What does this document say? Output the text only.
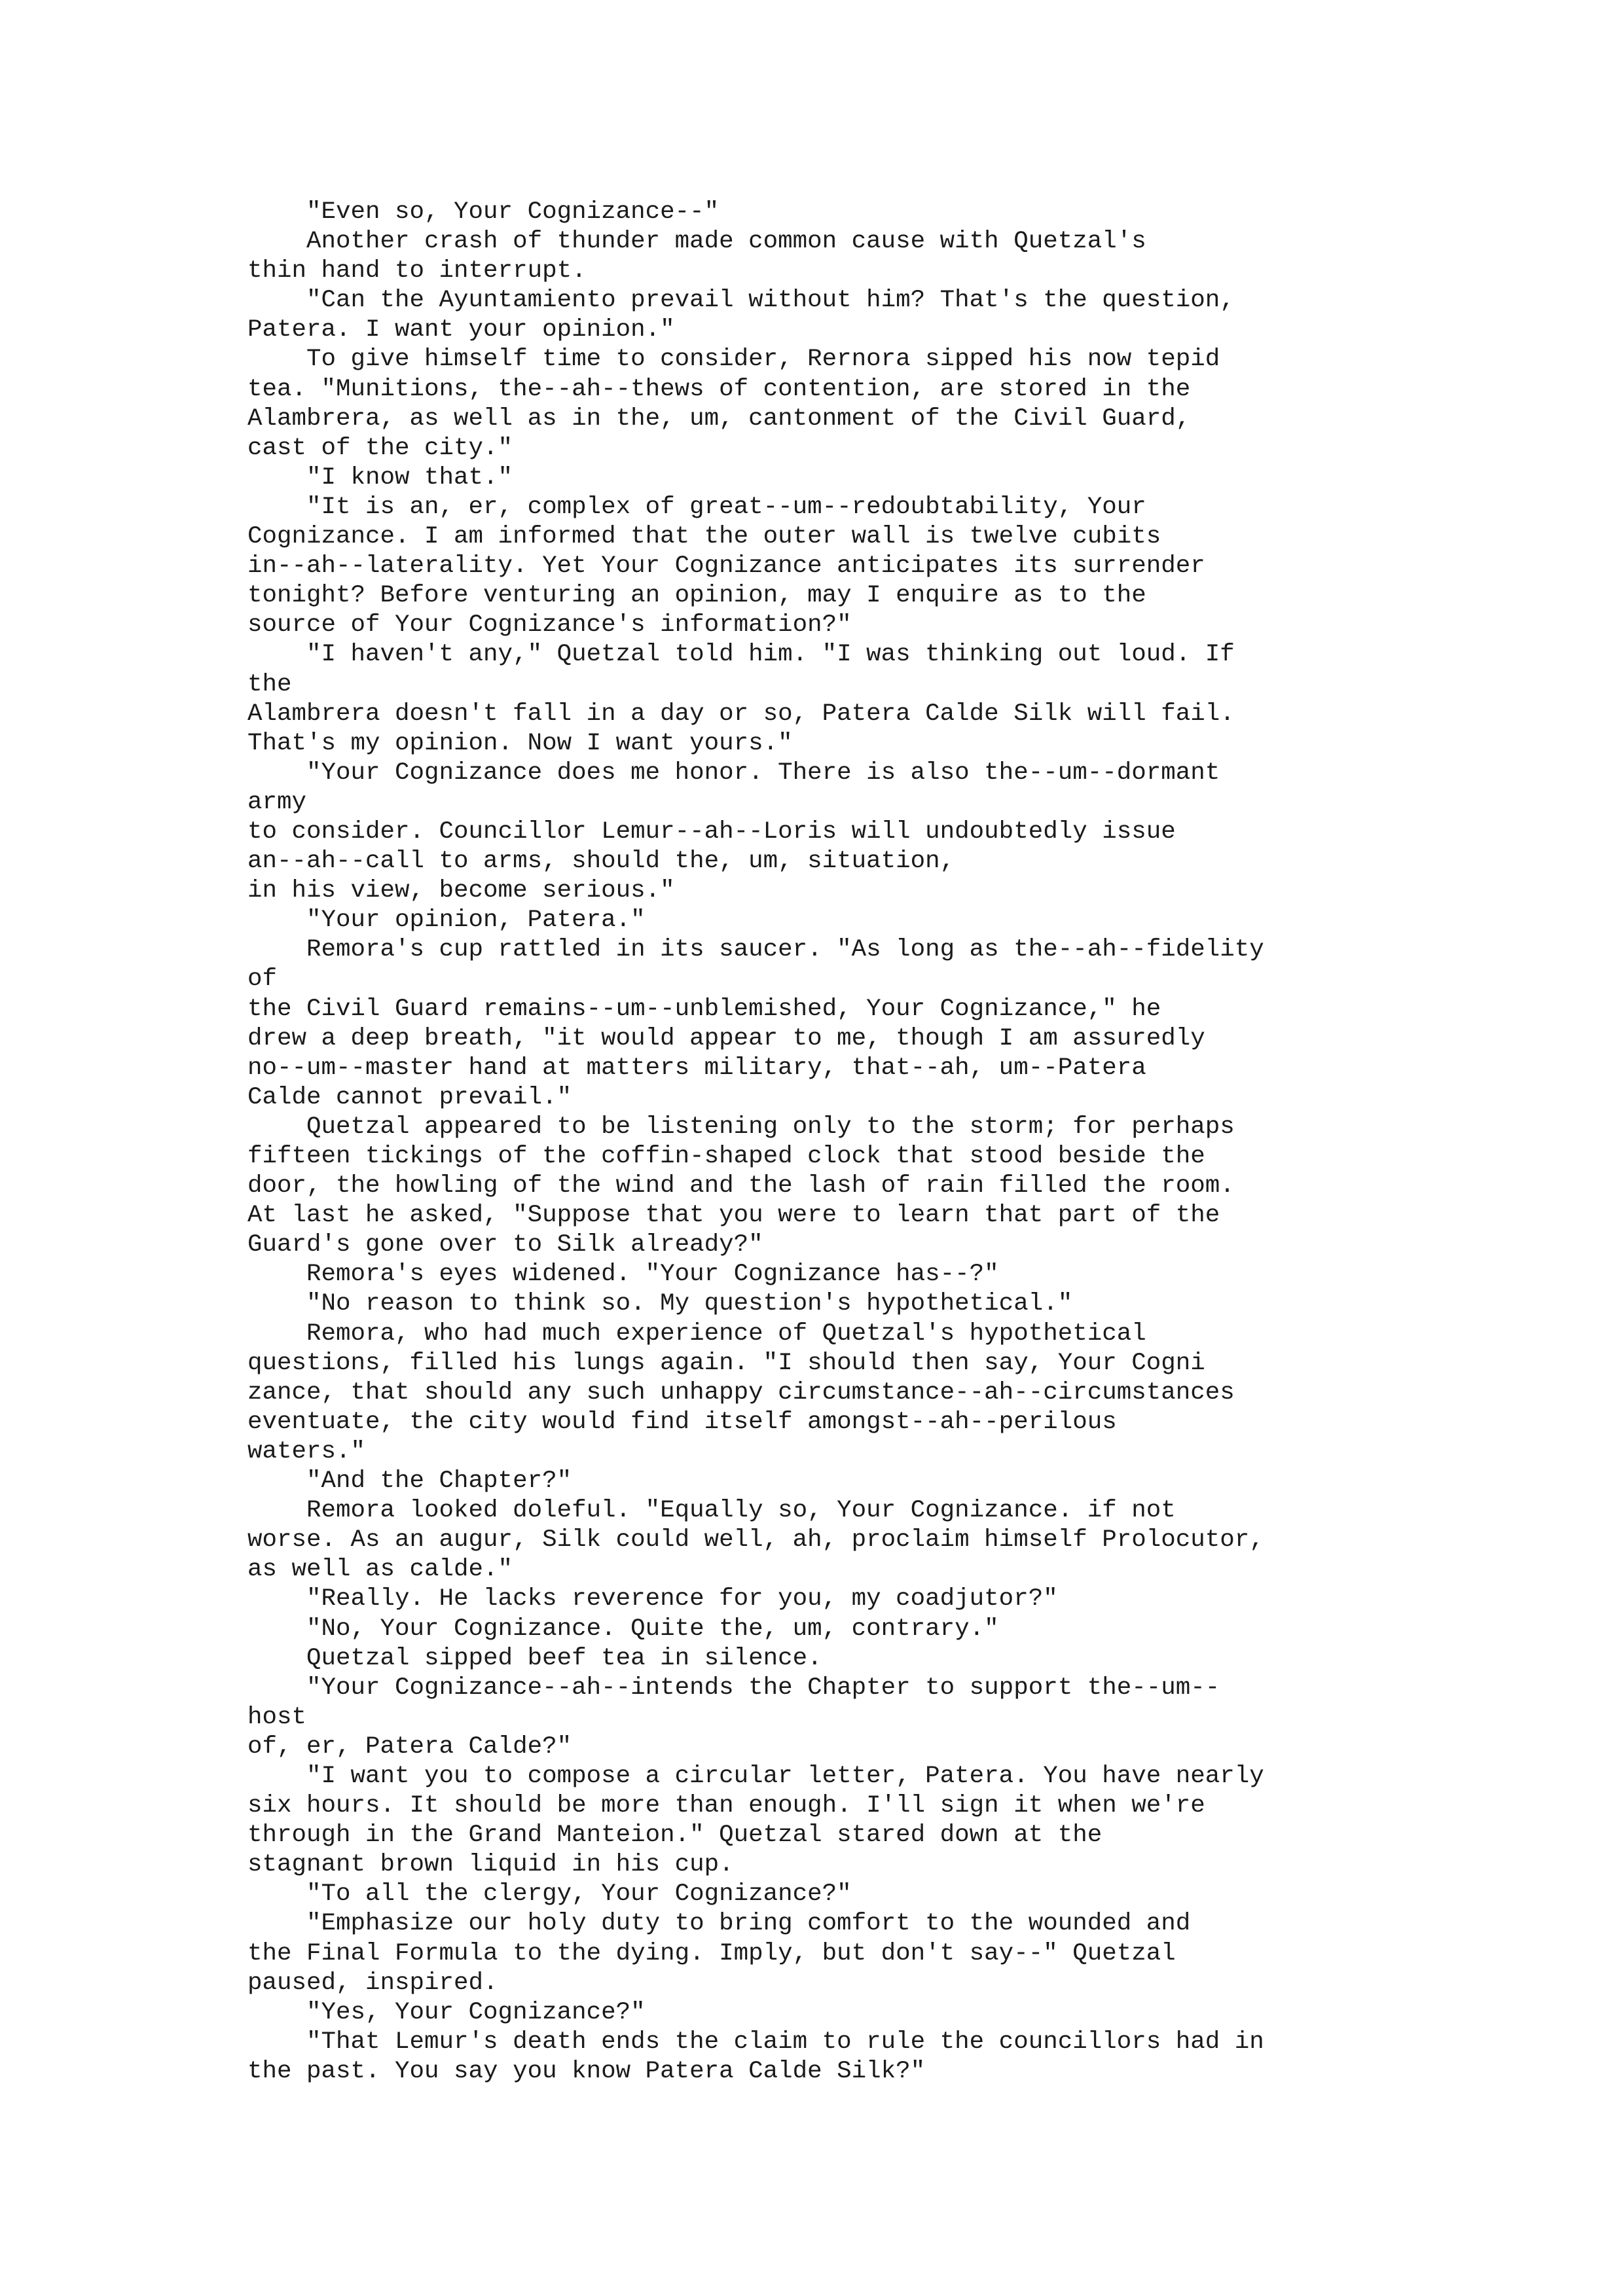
"Even so, Your Cognizance--"
Another crash of thunder made common cause with Quetzal's
thin hand to interrupt.
"Can the Ayuntamiento prevail without him? That's the question,
Patera. I want your opinion."
To give himself time to consider, Rernora sipped his now tepid
tea. "Munitions, the--ah--thews of contention, are stored in the
Alambrera, as well as in the, um, cantonment of the Civil Guard,
cast of the city."
"I know that."
"It is an, er, complex of great--um--redoubtability, Your
Cognizance. I am informed that the outer wall is twelve cubits
in--ah--laterality. Yet Your Cognizance anticipates its surrender
tonight? Before venturing an opinion, may I enquire as to the
source of Your Cognizance's information?"
"I haven't any," Quetzal told him. "I was thinking out loud. If
the
Alambrera doesn't fall in a day or so, Patera Calde Silk will fail.
That's my opinion. Now I want yours."
"Your Cognizance does me honor. There is also the--um--dormant
army
to consider. Councillor Lemur--ah--Loris will undoubtedly issue
an--ah--call to arms, should the, um, situation,
in his view, become serious."
"Your opinion, Patera."
Remora's cup rattled in its saucer. "As long as the--ah--fidelity
of
the Civil Guard remains--um--unblemished, Your Cognizance," he
drew a deep breath, "it would appear to me, though I am assuredly
no--um--master hand at matters military, that--ah, um--Patera
Calde cannot prevail."
Quetzal appeared to be listening only to the storm; for perhaps
fifteen tickings of the coffin-shaped clock that stood beside the
door, the howling of the wind and the lash of rain filled the room.
At last he asked, "Suppose that you were to learn that part of the
Guard's gone over to Silk already?"
Remora's eyes widened. "Your Cognizance has--?"
"No reason to think so. My question's hypothetical."
Remora, who had much experience of Quetzal's hypothetical
questions, filled his lungs again. "I should then say, Your Cogni
zance, that should any such unhappy circumstance--ah--circumstances
eventuate, the city would find itself amongst--ah--perilous
waters."
"And the Chapter?"
Remora looked doleful. "Equally so, Your Cognizance. if not
worse. As an augur, Silk could well, ah, proclaim himself Prolocutor,
as well as calde."
"Really. He lacks reverence for you, my coadjutor?"
"No, Your Cognizance. Quite the, um, contrary."
Quetzal sipped beef tea in silence.
"Your Cognizance--ah--intends the Chapter to support the--um--
host
of, er, Patera Calde?"
"I want you to compose a circular letter, Patera. You have nearly
six hours. It should be more than enough. I'll sign it when we're
through in the Grand Manteion." Quetzal stared down at the
stagnant brown liquid in his cup.
"To all the clergy, Your Cognizance?"
"Emphasize our holy duty to bring comfort to the wounded and
the Final Formula to the dying. Imply, but don't say--" Quetzal
paused, inspired.
"Yes, Your Cognizance?"
"That Lemur's death ends the claim to rule the councillors had in
the past. You say you know Patera Calde Silk?"
